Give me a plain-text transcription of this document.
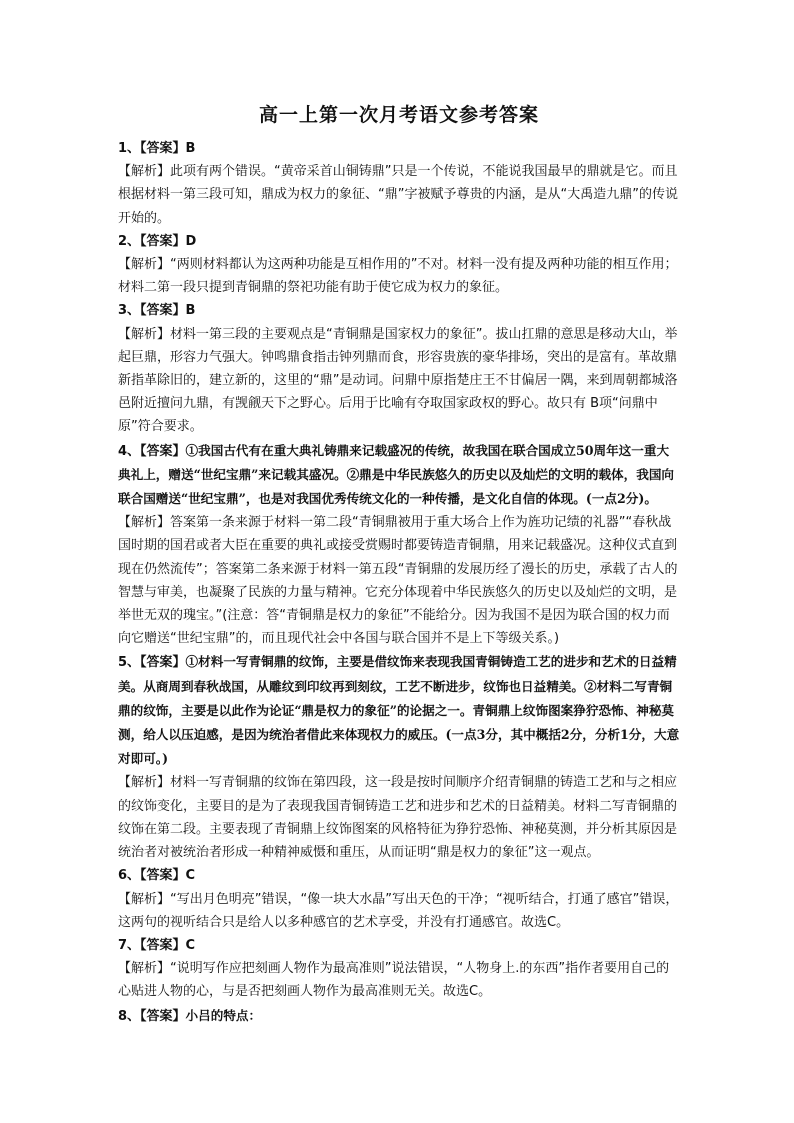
高一上第一次月考语文参考答案

1、【答案】B

【解析】此项有两个错误。“黄帝采首山铜铸鼎”只是一个传说，不能说我国最早的鼎就是它。而且根据材料一第三段可知，鼎成为权力的象征、“鼎”字被赋予尊贵的内涵，是从“大禹造九鼎”的传说开始的。

2、【答案】D

【解析】“两则材料都认为这两种功能是互相作用的”不对。材料一没有提及两种功能的相互作用；材料二第一段只提到青铜鼎的祭祀功能有助于使它成为权力的象征。

3、【答案】B

【解析】材料一第三段的主要观点是“青铜鼎是国家权力的象征”。拔山扛鼎的意思是移动大山，举起巨鼎，形容力气强大。钟鸣鼎食指击钟列鼎而食，形容贵族的豪华排场，突出的是富有。革故鼎新指革除旧的，建立新的，这里的“鼎”是动词。问鼎中原指楚庄王不甘偏居一隅，来到周朝都城洛邑附近擅问九鼎，有觊觎天下之野心。后用于比喻有夺取国家政权的野心。故只有 B项“问鼎中原”符合要求。

4、【答案】①我国古代有在重大典礼铸鼎来记载盛况的传统，故我国在联合国成立50周年这一重大典礼上，赠送“世纪宝鼎”来记载其盛况。②鼎是中华民族悠久的历史以及灿烂的文明的载体，我国向联合国赠送“世纪宝鼎”，也是对我国优秀传统文化的一种传播，是文化自信的体现。(一点2分)。

【解析】答案第一条来源于材料一第二段“青铜鼎被用于重大场合上作为旌功记绩的礼器”“春秋战国时期的国君或者大臣在重要的典礼或接受赏赐时都要铸造青铜鼎，用来记载盛况。这种仪式直到现在仍然流传”；答案第二条来源于材料一第五段“青铜鼎的发展历经了漫长的历史，承载了古人的智慧与审美，也凝聚了民族的力量与精神。它充分体现着中华民族悠久的历史以及灿烂的文明，是举世无双的瑰宝。”(注意：答“青铜鼎是权力的象征”不能给分。因为我国不是因为联合国的权力而向它赠送“世纪宝鼎”的，而且现代社会中各国与联合国并不是上下等级关系。)

5、【答案】①材料一写青铜鼎的纹饰，主要是借纹饰来表现我国青铜铸造工艺的进步和艺术的日益精美。从商周到春秋战国，从雕纹到印纹再到刻纹，工艺不断进步，纹饰也日益精美。②材料二写青铜鼎的纹饰，主要是以此作为论证“鼎是权力的象征”的论据之一。青铜鼎上纹饰图案狰狞恐怖、神秘莫测，给人以压迫感，是因为统治者借此来体现权力的威压。(一点3分，其中概括2分，分析1分，大意对即可。)

【解析】材料一写青铜鼎的纹饰在第四段，这一段是按时间顺序介绍青铜鼎的铸造工艺和与之相应的纹饰变化，主要目的是为了表现我国青铜铸造工艺和进步和艺术的日益精美。材料二写青铜鼎的纹饰在第二段。主要表现了青铜鼎上纹饰图案的风格特征为狰狞恐怖、神秘莫测，并分析其原因是统治者对被统治者形成一种精神威慑和重压，从而证明“鼎是权力的象征”这一观点。

6、【答案】C

【解析】“写出月色明亮”错误，“像一块大水晶”写出天色的干净；“视听结合，打通了感官”错误，这两句的视听结合只是给人以多种感官的艺术享受，并没有打通感官。故选C。

7、【答案】C

【解析】“说明写作应把刻画人物作为最高准则”说法错误，“人物身上.的东西”指作者要用自己的心贴进人物的心，与是否把刻画人物作为最高准则无关。故选C。

8、【答案】小吕的特点：
